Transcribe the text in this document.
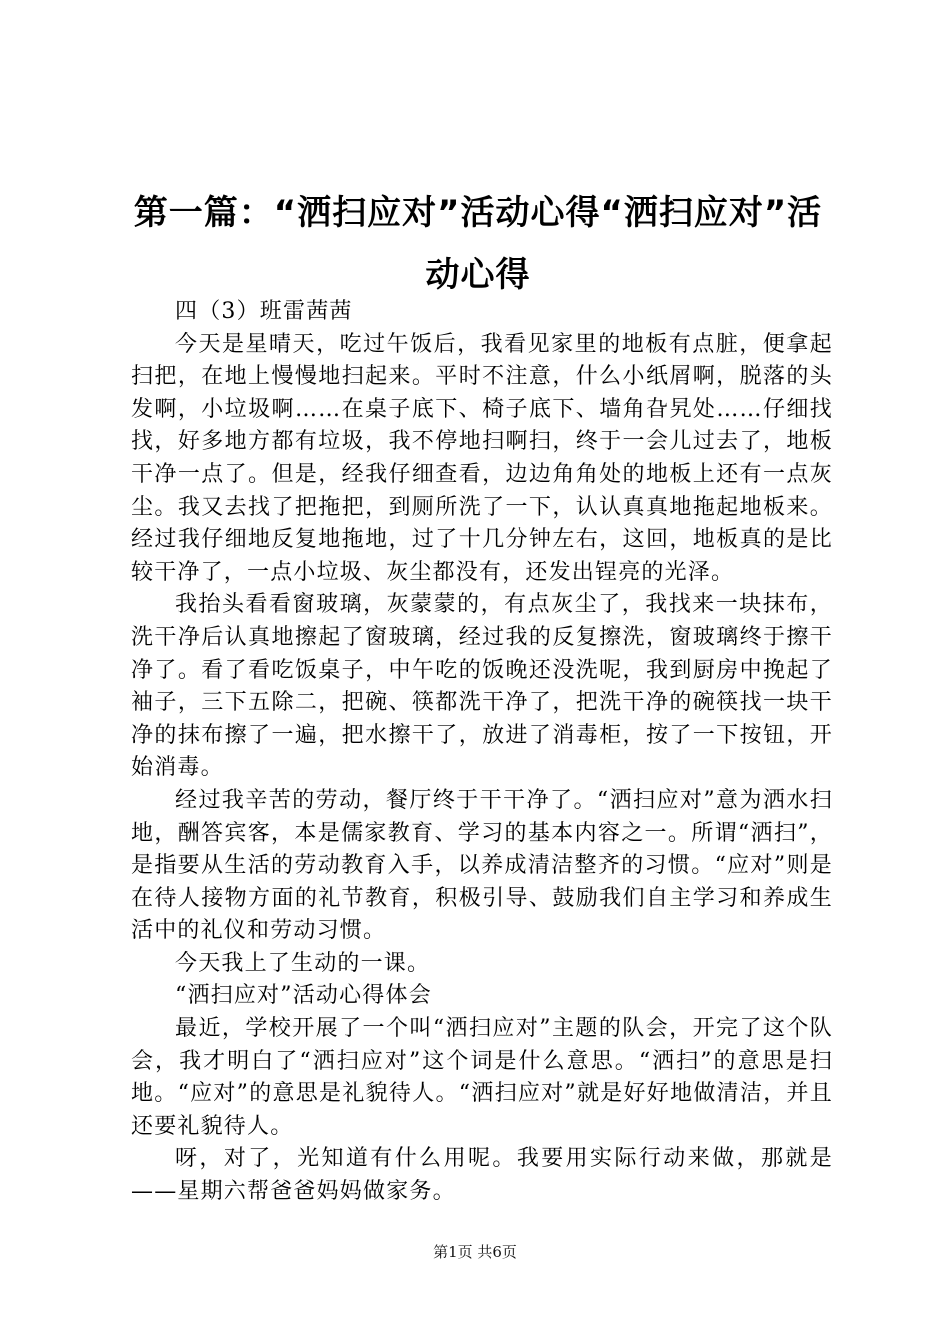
第一篇：“洒扫应对”活动心得“洒扫应对”活动心得

四（3）班雷茜茜

今天是星晴天，吃过午饭后，我看见家里的地板有点脏，便拿起扫把，在地上慢慢地扫起来。平时不注意，什么小纸屑啊，脱落的头发啊，小垃圾啊……在桌子底下、椅子底下、墙角旮旯处……仔细找找，好多地方都有垃圾，我不停地扫啊扫，终于一会儿过去了，地板干净一点了。但是，经我仔细查看，边边角角处的地板上还有一点灰尘。我又去找了把拖把，到厕所洗了一下，认认真真地拖起地板来。经过我仔细地反复地拖地，过了十几分钟左右，这回，地板真的是比较干净了，一点小垃圾、灰尘都没有，还发出锃亮的光泽。

我抬头看看窗玻璃，灰蒙蒙的，有点灰尘了，我找来一块抹布，洗干净后认真地擦起了窗玻璃，经过我的反复擦洗，窗玻璃终于擦干净了。看了看吃饭桌子，中午吃的饭晚还没洗呢，我到厨房中挽起了袖子，三下五除二，把碗、筷都洗干净了，把洗干净的碗筷找一块干净的抹布擦了一遍，把水擦干了，放进了消毒柜，按了一下按钮，开始消毒。

经过我辛苦的劳动，餐厅终于干干净了。“洒扫应对”意为洒水扫地，酬答宾客，本是儒家教育、学习的基本内容之一。所谓“洒扫”，是指要从生活的劳动教育入手，以养成清洁整齐的习惯。“应对”则是在待人接物方面的礼节教育，积极引导、鼓励我们自主学习和养成生活中的礼仪和劳动习惯。

今天我上了生动的一课。

“洒扫应对”活动心得体会

最近，学校开展了一个叫“洒扫应对”主题的队会，开完了这个队会，我才明白了“洒扫应对”这个词是什么意思。“洒扫”的意思是扫地。“应对”的意思是礼貌待人。“洒扫应对”就是好好地做清洁，并且还要礼貌待人。

呀，对了，光知道有什么用呢。我要用实际行动来做，那就是——星期六帮爸爸妈妈做家务。

第1页 共6页
